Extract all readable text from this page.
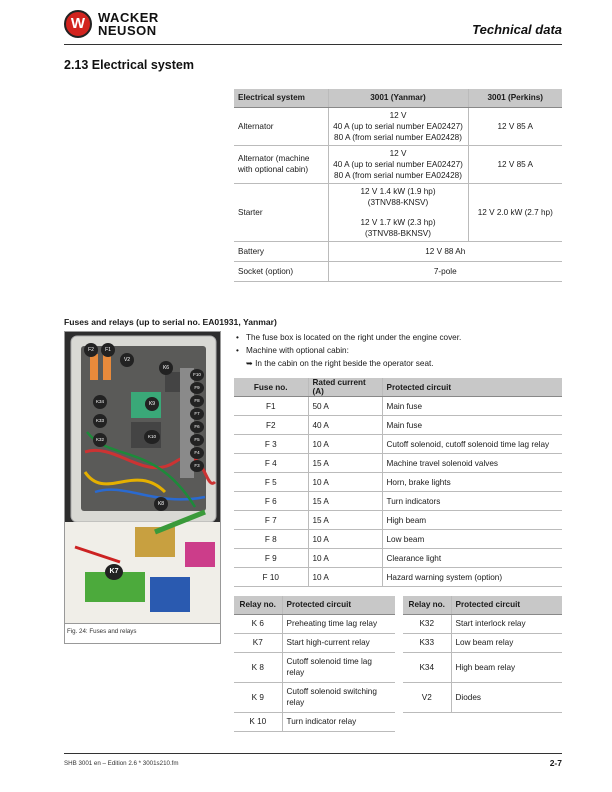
W WACKER
NEUSON	Technical data
2.13 Electrical system
Electrical system	3001 (Yanmar)	3001 (Perkins)
Alternator	12 V
40 A (up to serial number EA02427)
80 A (from serial number EA02428)	12 V 85 A

Alternator (machine
with optional cabin)	12 V
40 A (up to serial number EA02427)
80 A (from serial number EA02428)	12 V 85 A
Starter	12 V 1.4 kW (1.9 hp)
(3TNV88-KNSV)
12 V 1.7 kW (2.3 hp)
(3TNV88-BKNSV)	12 V 2.0 kW (2.7 hp)
Battery	12 V 88 Ah	
Socket (option)	7-pole	
Fuses and relays (up to serial no. EA01931, Yanmar)
F2	F1
V2
K6
F10
F9
F8
F7
F6
F5
F4
F3
K34
K33
K32
K9
K10
K8
K7
Fig. 24: Fuses and relays
• The fuse box is located on the right under the engine cover.
• Machine with optional cabin:
➥ In the cabin on the right beside the operator seat.
Fuse no.	Rated current (A)	Protected circuit
F1	50 A	Main fuse
F2	40 A	Main fuse
F 3	10 A	Cutoff solenoid, cutoff solenoid time lag relay
F 4	15 A	Machine travel solenoid valves
F 5	10 A	Horn, brake lights
F 6	15 A	Turn indicators
F 7	15 A	High beam
F 8	10 A	Low beam
F 9	10 A	Clearance light
F 10	10 A	Hazard warning system (option)
Relay no.	Protected circuit	Relay no.	Protected circuit
K 6	Preheating time lag relay	K32	Start interlock relay
K7	Start high-current relay	K33	Low beam relay
K 8	Cutoff solenoid time lag
relay	K34	High beam relay
K 9	Cutoff solenoid switching
relay	V2	Diodes
K 10	Turn indicator relay		
SHB 3001 en – Edition 2.6 * 3001s210.fm	2-7
